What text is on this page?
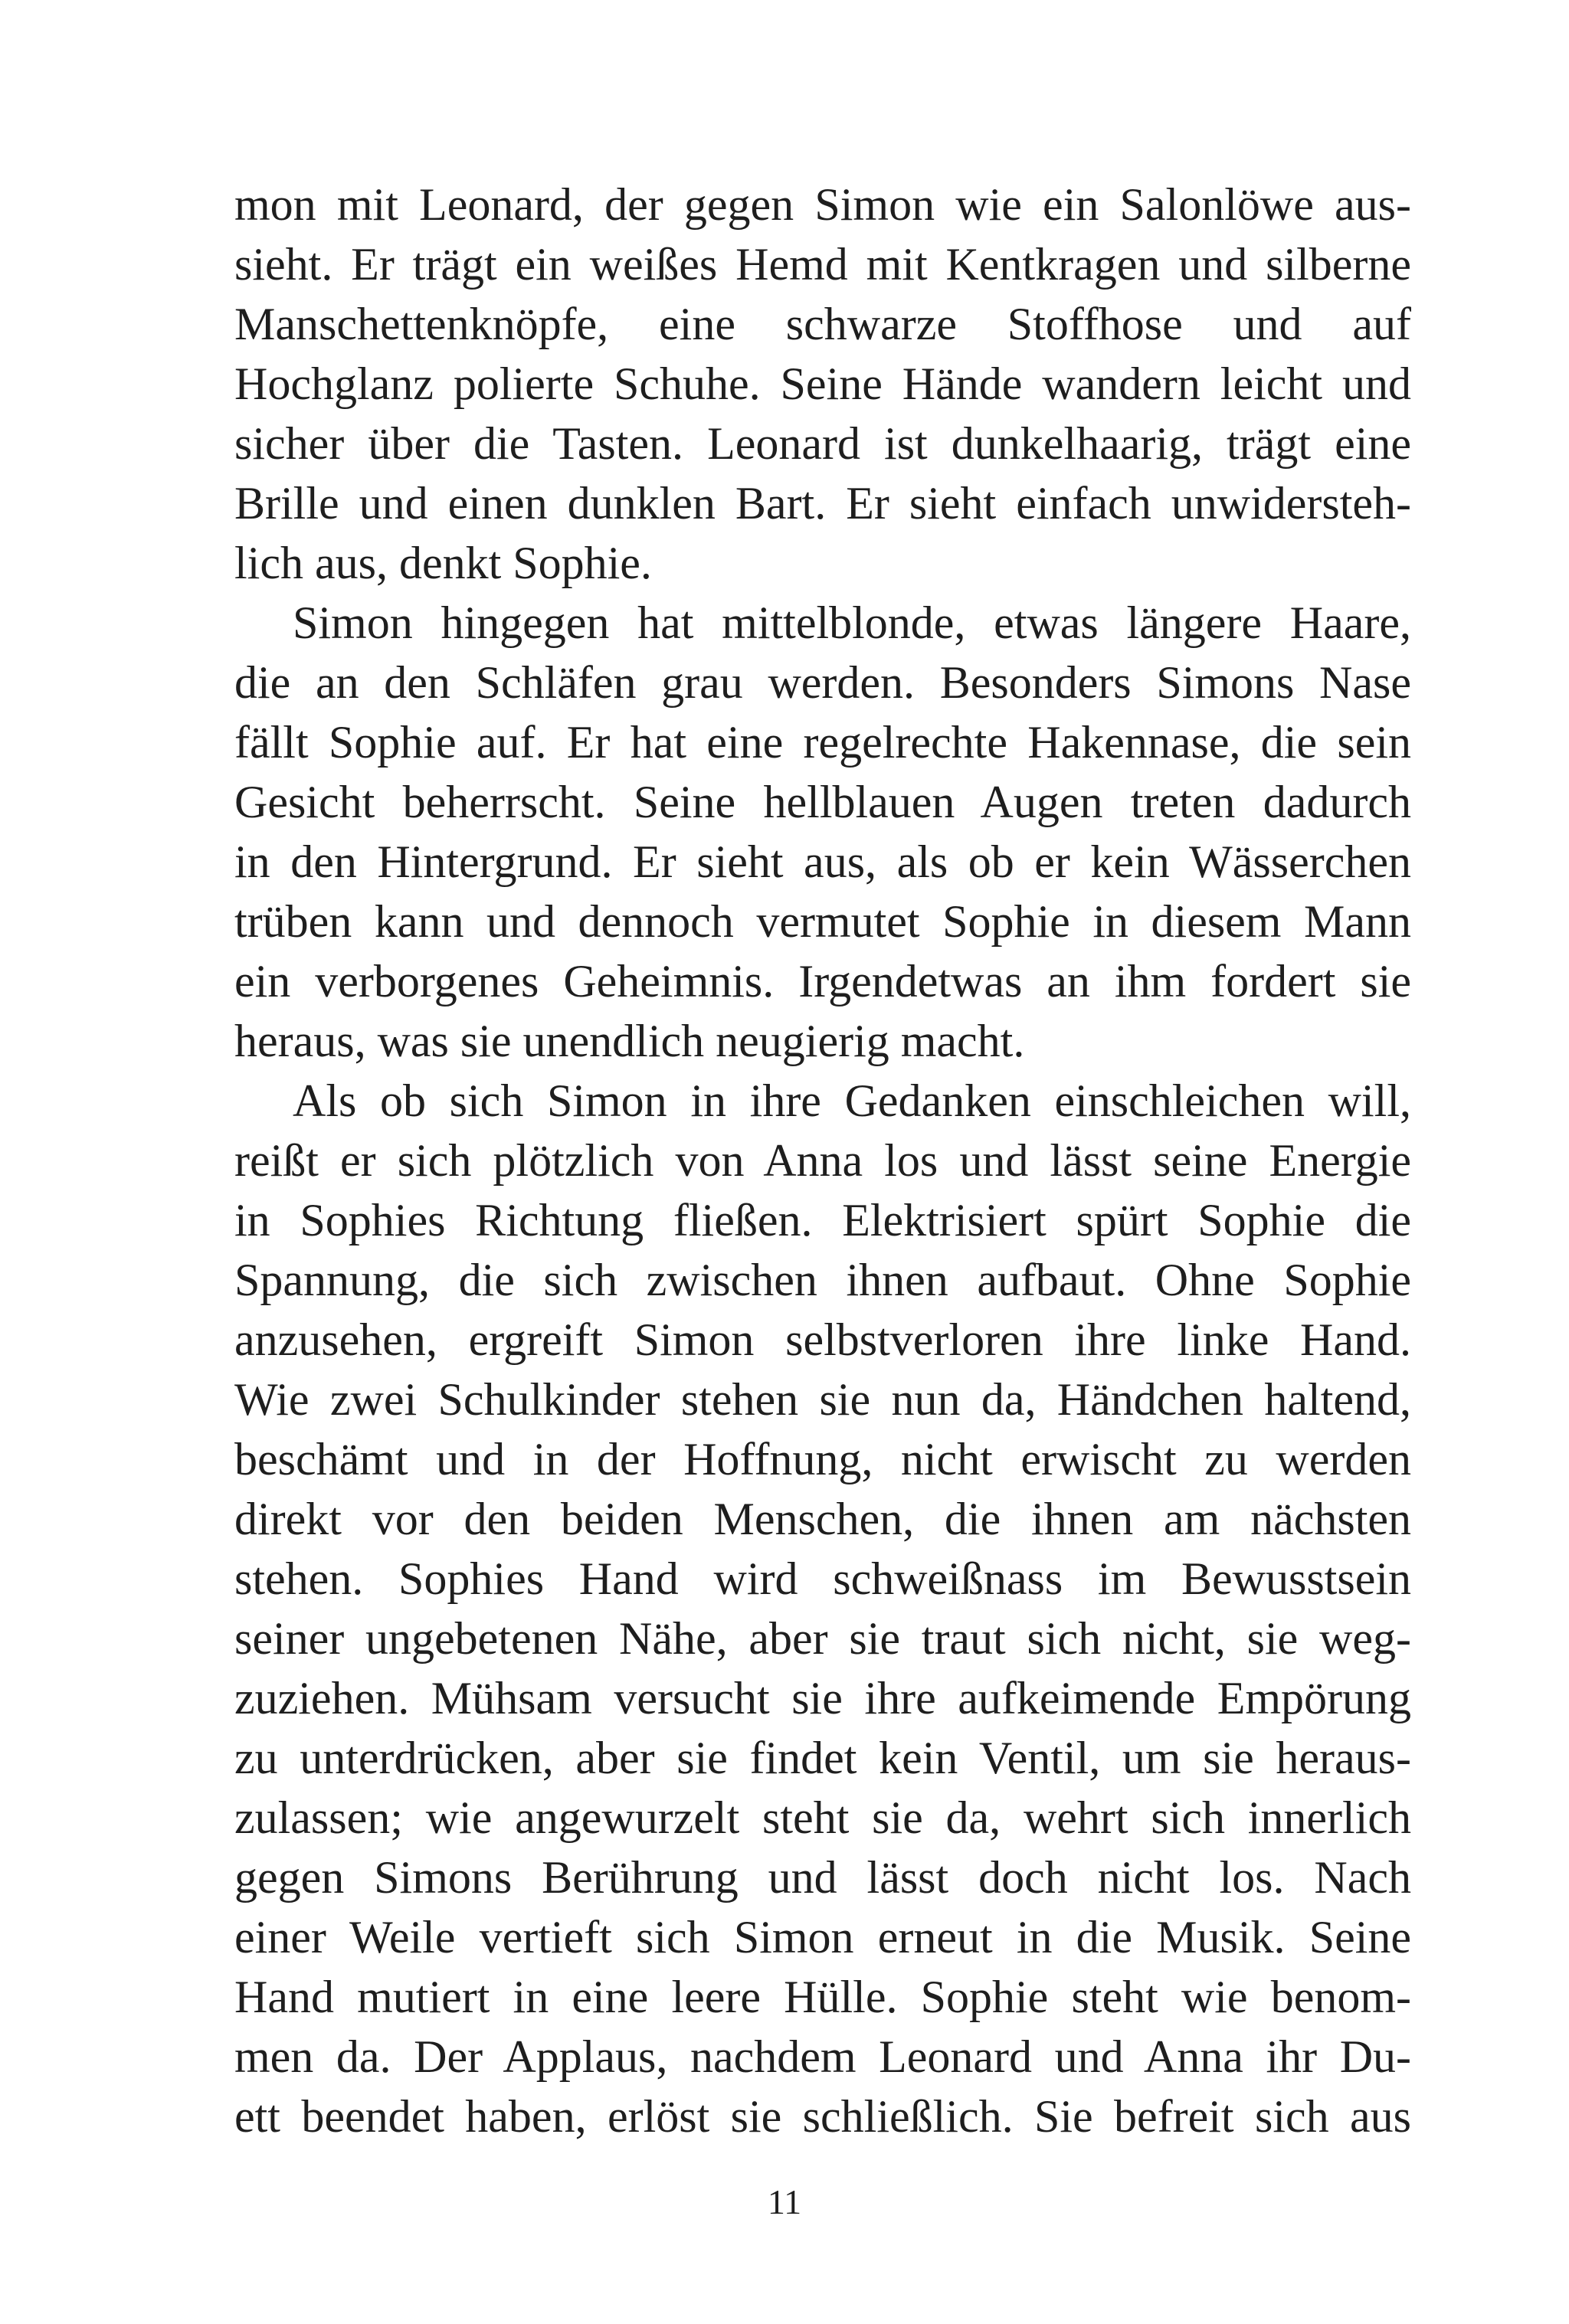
mon mit Leonard, der gegen Simon wie ein Salonlöwe aus-
sieht. Er trägt ein weißes Hemd mit Kentkragen und silberne
Manschettenknöpfe, eine schwarze Stoffhose und auf
Hochglanz polierte Schuhe. Seine Hände wandern leicht und
sicher über die Tasten. Leonard ist dunkelhaarig, trägt eine
Brille und einen dunklen Bart. Er sieht einfach unwidersteh-
lich aus, denkt Sophie.
Simon hingegen hat mittelblonde, etwas längere Haare,
die an den Schläfen grau werden. Besonders Simons Nase
fällt Sophie auf. Er hat eine regelrechte Hakennase, die sein
Gesicht beherrscht. Seine hellblauen Augen treten dadurch
in den Hintergrund. Er sieht aus, als ob er kein Wässerchen
trüben kann und dennoch vermutet Sophie in diesem Mann
ein verborgenes Geheimnis. Irgendetwas an ihm fordert sie
heraus, was sie unendlich neugierig macht.
Als ob sich Simon in ihre Gedanken einschleichen will,
reißt er sich plötzlich von Anna los und lässt seine Energie
in Sophies Richtung fließen. Elektrisiert spürt Sophie die
Spannung, die sich zwischen ihnen aufbaut. Ohne Sophie
anzusehen, ergreift Simon selbstverloren ihre linke Hand.
Wie zwei Schulkinder stehen sie nun da, Händchen haltend,
beschämt und in der Hoffnung, nicht erwischt zu werden
direkt vor den beiden Menschen, die ihnen am nächsten
stehen. Sophies Hand wird schweißnass im Bewusstsein
seiner ungebetenen Nähe, aber sie traut sich nicht, sie weg-
zuziehen. Mühsam versucht sie ihre aufkeimende Empörung
zu unterdrücken, aber sie findet kein Ventil, um sie heraus-
zulassen; wie angewurzelt steht sie da, wehrt sich innerlich
gegen Simons Berührung und lässt doch nicht los. Nach
einer Weile vertieft sich Simon erneut in die Musik. Seine
Hand mutiert in eine leere Hülle. Sophie steht wie benom-
men da. Der Applaus, nachdem Leonard und Anna ihr Du-
ett beendet haben, erlöst sie schließlich. Sie befreit sich aus
11
